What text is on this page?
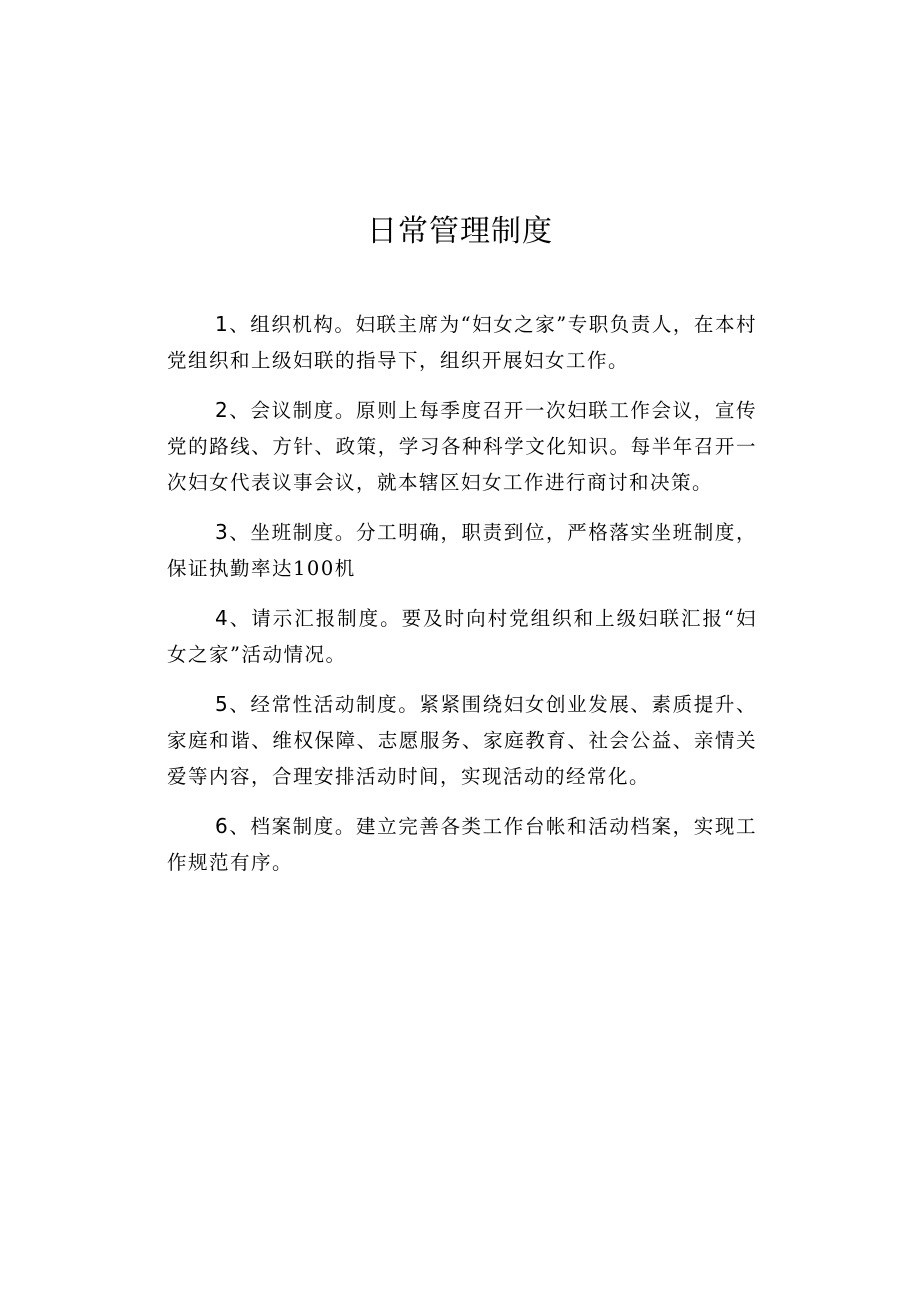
日常管理制度

1、组织机构。妇联主席为“妇女之家”专职负责人，在本村党组织和上级妇联的指导下，组织开展妇女工作。

2、会议制度。原则上每季度召开一次妇联工作会议，宣传党的路线、方针、政策，学习各种科学文化知识。每半年召开一次妇女代表议事会议，就本辖区妇女工作进行商讨和决策。

3、坐班制度。分工明确，职责到位，严格落实坐班制度，保证执勤率达100机

4、请示汇报制度。要及时向村党组织和上级妇联汇报“妇女之家”活动情况。

5、经常性活动制度。紧紧围绕妇女创业发展、素质提升、家庭和谐、维权保障、志愿服务、家庭教育、社会公益、亲情关爱等内容，合理安排活动时间，实现活动的经常化。

6、档案制度。建立完善各类工作台帐和活动档案，实现工作规范有序。
